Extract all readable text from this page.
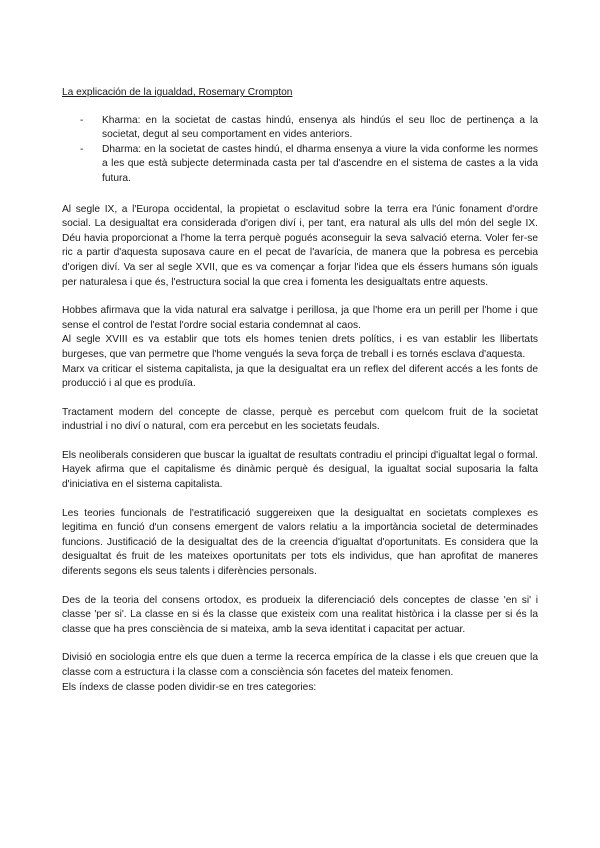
La explicación de la igualdad, Rosemary Crompton
- Kharma: en la societat de castas hindú, ensenya als hindús el seu lloc de pertinença a la societat, degut al seu comportament en vides anteriors.

- Dharma: en la societat de castes hindú, el dharma ensenya a viure la vida conforme les normes a les que està subjecte determinada casta per tal d'ascendre en el sistema de castes a la vida futura.

Al segle IX, a l'Europa occidental, la propietat o esclavitud sobre la terra era l'únic fonament d'ordre social. La desigualtat era considerada d'origen diví i, per tant, era natural als ulls del món del segle IX. Déu havia proporcionat a l'home la terra perquè pogués aconseguir la seva salvació eterna. Voler fer-se ric a partir d'aquesta suposava caure en el pecat de l'avarícia, de manera que la pobresa es percebia d'origen diví. Va ser al segle XVII, que es va començar a forjar l'idea que els éssers humans són iguals per naturalesa i que és, l'estructura social la que crea i fomenta les desigualtats entre aquests.

Hobbes afirmava que la vida natural era salvatge i perillosa, ja que l'home era un perill per l'home i que sense el control de l'estat l'ordre social estaria condemnat al caos.

Al segle XVIII es va establir que tots els homes tenien drets polítics, i es van establir les llibertats burgeses, que van permetre que l'home vengués la seva força de treball i es tornés esclava d'aquesta.

Marx va criticar el sistema capitalista, ja que la desigualtat era un reflex del diferent accés a les fonts de producció i al que es produïa.

Tractament modern del concepte de classe, perquè es percebut com quelcom fruit de la societat industrial i no diví o natural, com era percebut en les societats feudals.

Els neoliberals consideren que buscar la igualtat de resultats contradiu el principi d'igualtat legal o formal. Hayek afirma que el capitalisme és dinàmic perquè és desigual, la igualtat social suposaria la falta d'iniciativa en el sistema capitalista.

Les teories funcionals de l'estratificació suggereixen que la desigualtat en societats complexes es legitima en funció d'un consens emergent de valors relatiu a la importància societal de determinades funcions. Justificació de la desigualtat des de la creencia d'igualtat d'oportunitats. Es considera que la desigualtat és fruit de les mateixes oportunitats per tots els individus, que han aprofitat de maneres diferents segons els seus talents i diferències personals.

Des de la teoria del consens ortodox, es produeix la diferenciació dels conceptes de classe 'en si' i classe 'per si'. La classe en si és la classe que existeix com una realitat històrica i la classe per si és la classe que ha pres consciència de si mateixa, amb la seva identitat i capacitat per actuar.

Divisió en sociologia entre els que duen a terme la recerca empírica de la classe i els que creuen que la classe com a estructura i la classe com a consciència són facetes del mateix fenomen.

Els índexs de classe poden dividir-se en tres categories:
